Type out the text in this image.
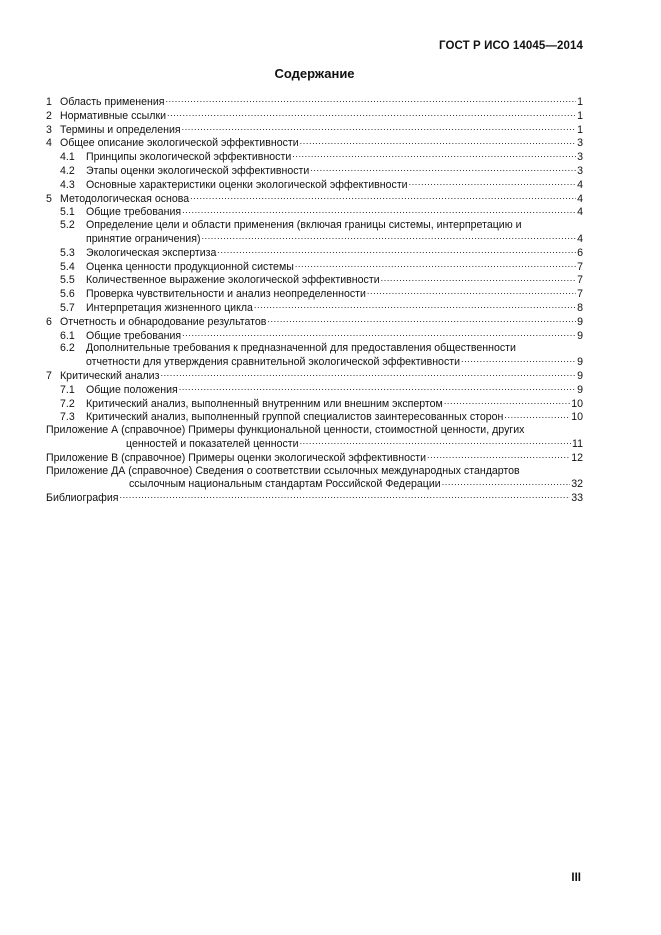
ГОСТ Р ИСО 14045—2014
Содержание
1 Область применения .....	1
2 Нормативные ссылки .....	1
3 Термины и определения .....	1
4 Общее описание экологической эффективности .....	3
4.1	Принципы экологической эффективности .....	3
4.2	Этапы оценки экологической эффективности .....	3
4.3	Основные характеристики оценки экологической эффективности .....	4
5 Методологическая основа .....	4
5.1	Общие требования .....	4
5.2	Определение цели и области применения (включая границы системы, интерпретацию и
принятие ограничения) .....	4
5.3	Экологическая экспертиза .....	6
5.4	Оценка ценности продукционной системы .....	7
5.5	Количественное выражение экологической эффективности .....	7
5.6	Проверка чувствительности и анализ неопределенности .....	7
5.7	Интерпретация жизненного цикла .....	8
6 Отчетность и обнародование результатов .....	9
6.1	Общие требования .....	9
6.2	Дополнительные требования к предназначенной для предоставления общественности
отчетности для утверждения сравнительной экологической эффективности .....	9
7 Критический анализ .....	9
7.1	Общие положения .....	9
7.2	Критический анализ, выполненный внутренним или внешним экспертом .....	10
7.3	Критический анализ, выполненный группой специалистов заинтересованных сторон .....	10
Приложение А (справочное) Примеры функциональной ценности, стоимостной ценности, других
ценностей и показателей ценности .....	11
Приложение В (справочное) Примеры оценки экологической эффективности .....	12
Приложение ДА (справочное) Сведения о соответствии ссылочных международных стандартов
ссылочным национальным стандартам Российской Федерации .....	32
Библиография .....	33
III
